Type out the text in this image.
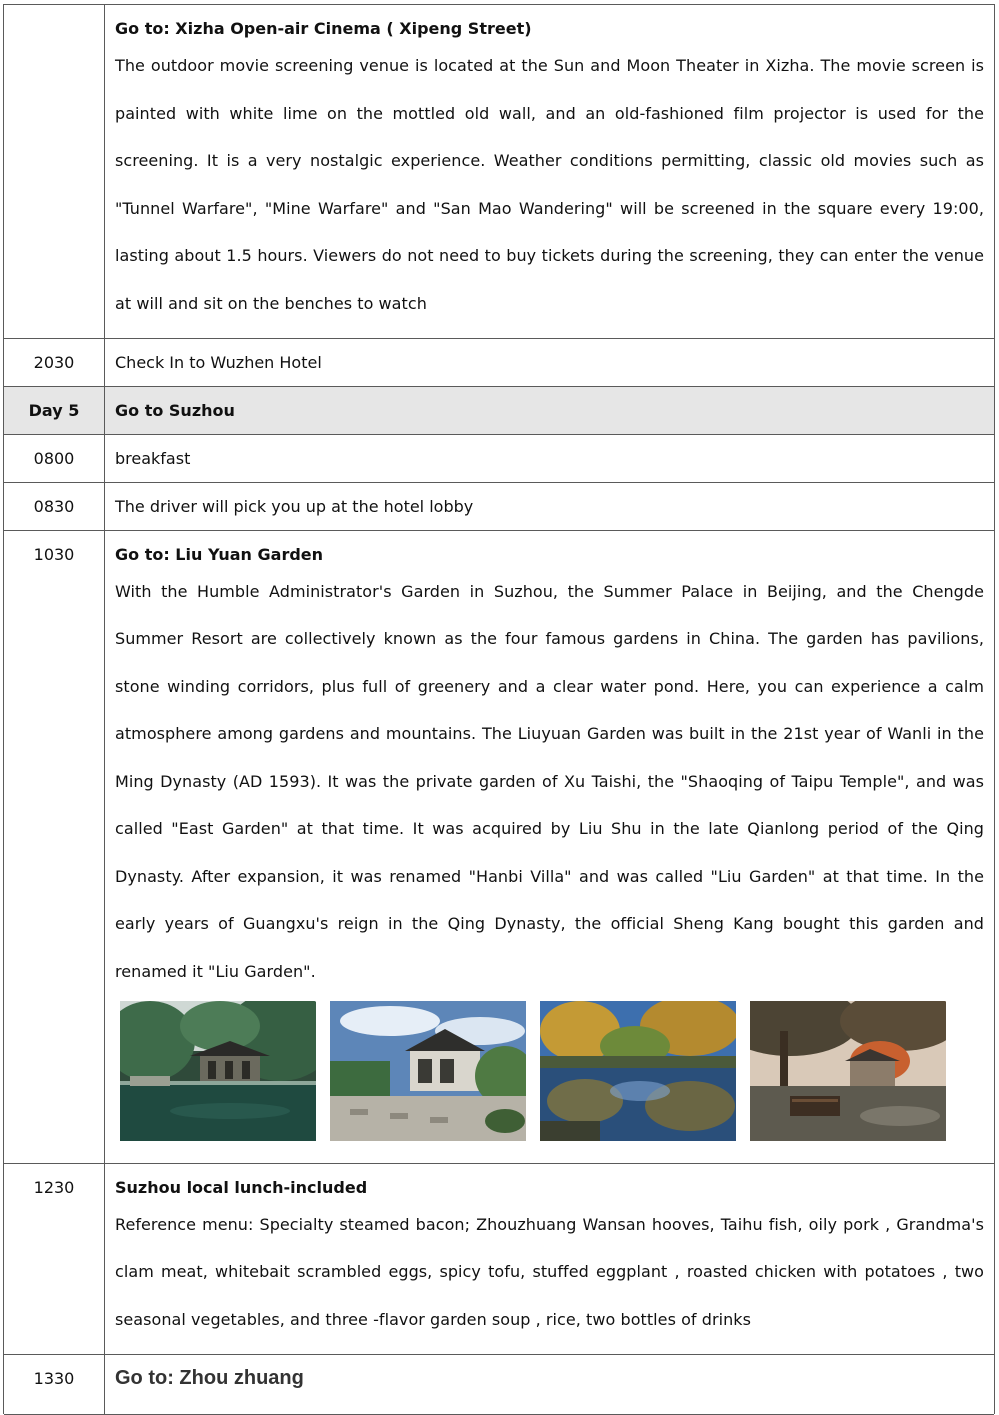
	Go to: Xizha Open-air Cinema ( Xipeng Street)
The outdoor movie screening venue is located at the Sun and Moon Theater in Xizha. The movie screen is painted with white lime on the mottled old wall, and an old-fashioned film projector is used for the screening. It is a very nostalgic experience. Weather conditions permitting, classic old movies such as "Tunnel Warfare", "Mine Warfare" and "San Mao Wandering" will be screened in the square every 19:00, lasting about 1.5 hours. Viewers do not need to buy tickets during the screening, they can enter the venue at will and sit on the benches to watch

2030	Check In to Wuzhen Hotel
Day 5	Go to Suzhou

0800	breakfast
0830	The driver will pick you up at the hotel lobby
1030	Go to: Liu Yuan Garden
With the Humble Administrator's Garden in Suzhou, the Summer Palace in Beijing, and the Chengde Summer Resort are collectively known as the four famous gardens in China. The garden has pavilions, stone winding corridors, plus full of greenery and a clear water pond. Here, you can experience a calm atmosphere among gardens and mountains. The Liuyuan Garden was built in the 21st year of Wanli in the Ming Dynasty (AD 1593). It was the private garden of Xu Taishi, the "Shaoqing of Taipu Temple", and was called "East Garden" at that time. It was acquired by Liu Shu in the late Qianlong period of the Qing Dynasty. After expansion, it was renamed "Hanbi Villa" and was called "Liu Garden" at that time. In the early years of Guangxu's reign in the Qing Dynasty, the official Sheng Kang bought this garden and renamed it "Liu Garden".

1230	Suzhou local lunch-included
Reference menu: Specialty steamed bacon; Zhouzhuang Wansan hooves, Taihu fish, oily pork , Grandma's clam meat, whitebait scrambled eggs, spicy tofu, stuffed eggplant , roasted chicken with potatoes , two seasonal vegetables, and three -flavor garden soup , rice, two bottles of drinks

1330	Go to: Zhou zhuang
